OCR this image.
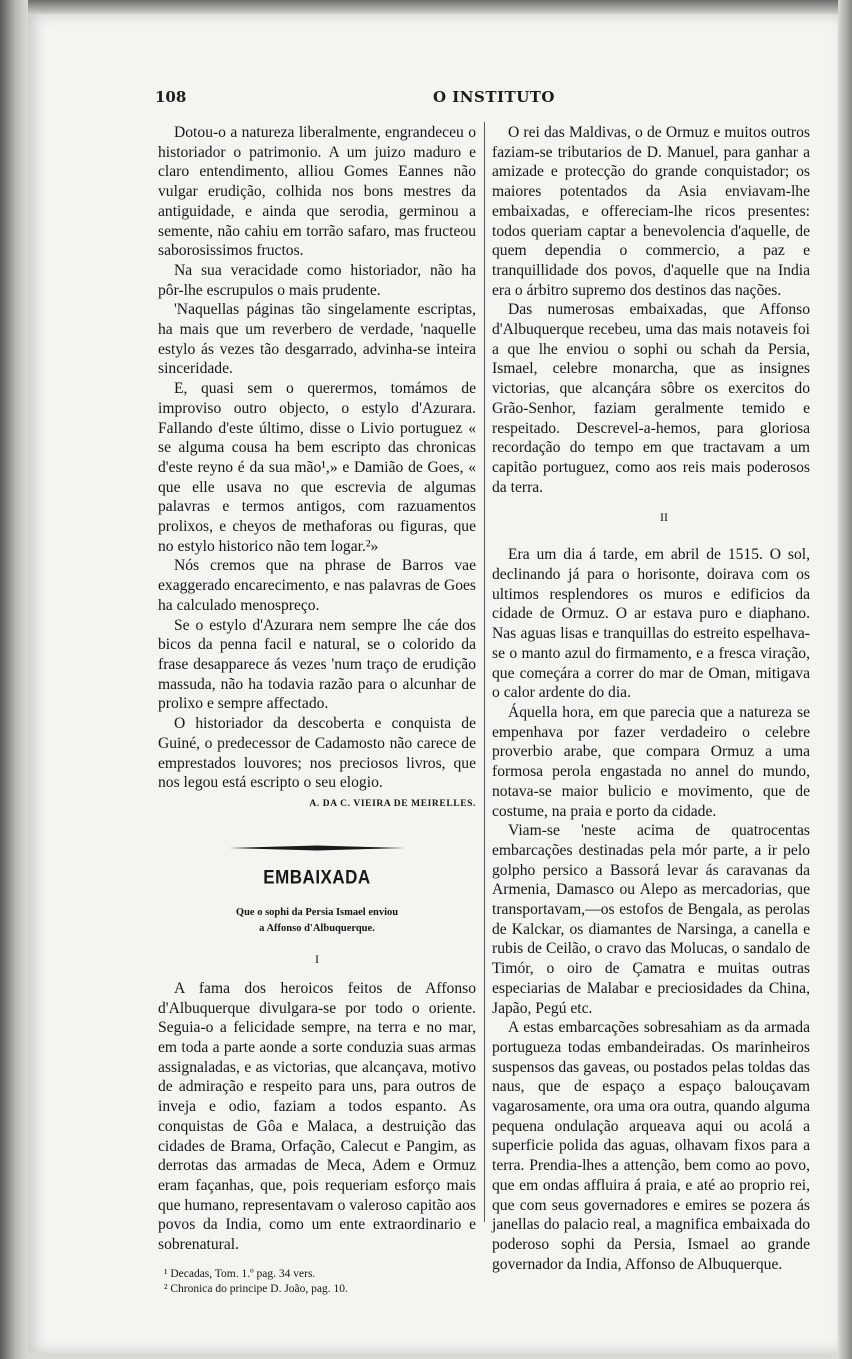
108	O INSTITUTO

Dotou-o a natureza liberalmente, engrandeceu o historiador o patrimonio. A um juizo maduro e claro entendimento, alliou Gomes Eannes não vulgar erudição, colhida nos bons mestres da antiguidade, e ainda que serodia, germinou a semente, não cahiu em torrão safaro, mas fructeou saborosissimos fructos.

Na sua veracidade como historiador, não ha pôr-lhe escrupulos o mais prudente.

'Naquellas páginas tão singelamente escriptas, ha mais que um reverbero de verdade, 'naquelle estylo ás vezes tão desgarrado, advinha-se inteira sinceridade.

E, quasi sem o querermos, tomámos de improviso outro objecto, o estylo d'Azurara. Fallando d'este último, disse o Livio portuguez « se alguma cousa ha bem escripto das chronicas d'este reyno é da sua mão¹,» e Damião de Goes, « que elle usava no que escrevia de algumas palavras e termos antigos, com razuamentos prolixos, e cheyos de methaforas ou figuras, que no estylo historico não tem logar.²»

Nós cremos que na phrase de Barros vae exaggerado encarecimento, e nas palavras de Goes ha calculado menospreço.

Se o estylo d'Azurara nem sempre lhe cáe dos bicos da penna facil e natural, se o colorido da frase desapparece ás vezes 'num traço de erudição massuda, não ha todavia razão para o alcunhar de prolixo e sempre affectado.

O historiador da descoberta e conquista de Guiné, o predecessor de Cadamosto não carece de emprestados louvores; nos preciosos livros, que nos legou está escripto o seu elogio.

A. DA C. VIEIRA DE MEIRELLES.
EMBAIXADA
Que o sophi da Persia Ismael enviou
a Affonso d'Albuquerque.
I

A fama dos heroicos feitos de Affonso d'Albuquerque divulgara-se por todo o oriente. Seguia-o a felicidade sempre, na terra e no mar, em toda a parte aonde a sorte conduzia suas armas assignaladas, e as victorias, que alcançava, motivo de admiração e respeito para uns, para outros de inveja e odio, faziam a todos espanto. As conquistas de Gôa e Malaca, a destruição das cidades de Brama, Orfação, Calecut e Pangim, as derrotas das armadas de Meca, Adem e Ormuz eram façanhas, que, pois requeriam esforço mais que humano, representavam o valeroso capitão aos povos da India, como um ente extraordinario e sobrenatural.

¹ Decadas, Tom. 1.º pag. 34 vers.
² Chronica do principe D. João, pag. 10.

O rei das Maldivas, o de Ormuz e muitos outros faziam-se tributarios de D. Manuel, para ganhar a amizade e protecção do grande conquistador; os maiores potentados da Asia enviavam-lhe embaixadas, e offereciam-lhe ricos presentes: todos queriam captar a benevolencia d'aquelle, de quem dependia o commercio, a paz e tranquillidade dos povos, d'aquelle que na India era o árbitro supremo dos destinos das nações.

Das numerosas embaixadas, que Affonso d'Albuquerque recebeu, uma das mais notaveis foi a que lhe enviou o sophi ou schah da Persia, Ismael, celebre monarcha, que as insignes victorias, que alcançára sôbre os exercitos do Grão-Senhor, faziam geralmente temido e respeitado. Descrevel-a-hemos, para gloriosa recordação do tempo em que tractavam a um capitão portuguez, como aos reis mais poderosos da terra.

II

Era um dia á tarde, em abril de 1515. O sol, declinando já para o horisonte, doirava com os ultimos resplendores os muros e edificios da cidade de Ormuz. O ar estava puro e diaphano. Nas aguas lisas e tranquillas do estreito espelhava-se o manto azul do firmamento, e a fresca viração, que começára a correr do mar de Oman, mitigava o calor ardente do dia.

Áquella hora, em que parecia que a natureza se empenhava por fazer verdadeiro o celebre proverbio arabe, que compara Ormuz a uma formosa perola engastada no annel do mundo, notava-se maior bulicio e movimento, que de costume, na praia e porto da cidade.

Viam-se 'neste acima de quatrocentas embarcações destinadas pela mór parte, a ir pelo golpho persico a Bassorá levar ás caravanas da Armenia, Damasco ou Alepo as mercadorias, que transportavam,—os estofos de Bengala, as perolas de Kalckar, os diamantes de Narsinga, a canella e rubis de Ceilão, o cravo das Molucas, o sandalo de Timór, o oiro de Çamatra e muitas outras especiarias de Malabar e preciosidades da China, Japão, Pegú etc.

A estas embarcações sobresahiam as da armada portugueza todas embandeiradas. Os marinheiros suspensos das gaveas, ou postados pelas toldas das naus, que de espaço a espaço balouçavam vagarosamente, ora uma ora outra, quando alguma pequena ondulação arqueava aqui ou acolá a superficie polida das aguas, olhavam fixos para a terra. Prendia-lhes a attenção, bem como ao povo, que em ondas affluira á praia, e até ao proprio rei, que com seus governadores e emires se pozera ás janellas do palacio real, a magnifica embaixada do poderoso sophi da Persia, Ismael ao grande governador da India, Affonso de Albuquerque.
